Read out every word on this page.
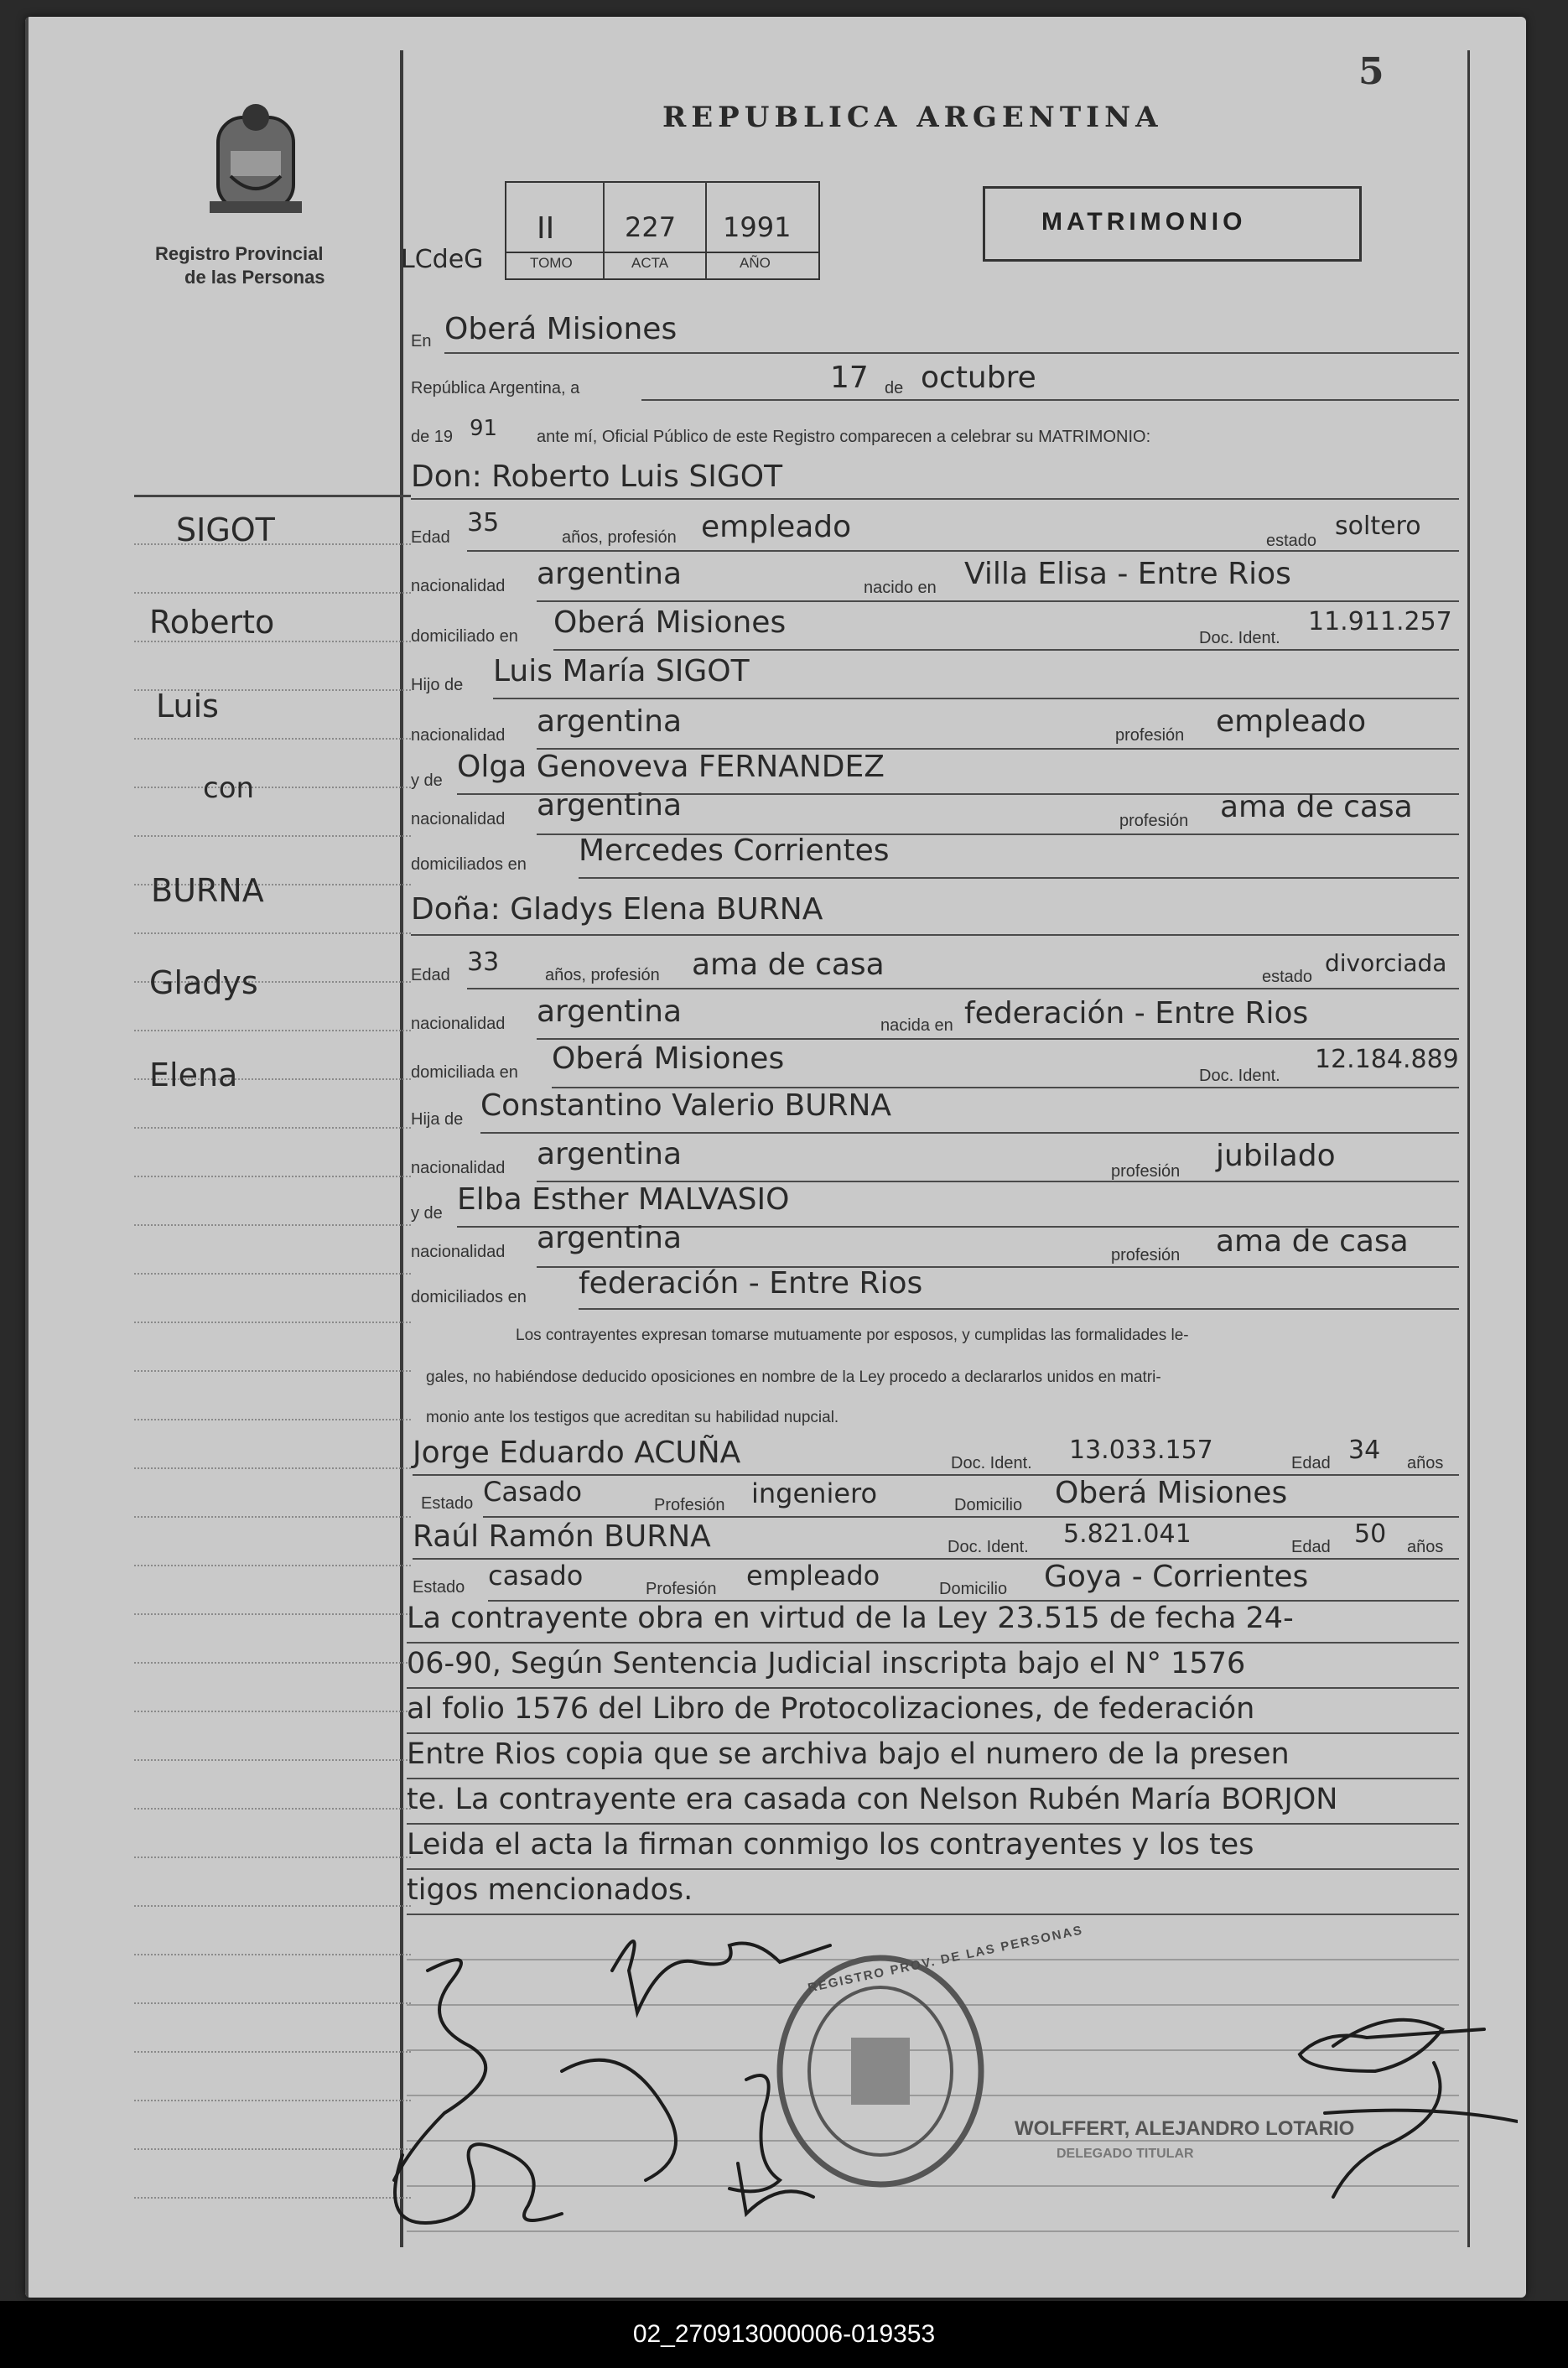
5
Registro Provincial
de las Personas
REPUBLICA ARGENTINA
LCdeG
II	227 1991
TOMO	ACTA	AÑO
MATRIMONIO
SIGOT
Roberto
Luis
con
BURNA
Gladys
Elena
En Oberá Misiones
República Argentina, a	17 de octubre
de 19 91 ante mí, Oficial Público de este Registro comparecen a celebrar su MATRIMONIO:
Don: Roberto Luis SIGOT
Edad 35	años, profesión empleado	estado soltero
nacionalidad argentina	nacido en Villa Elisa - Entre Rios
domiciliado en Oberá Misiones	Doc. Ident.
11.911.257
Hijo de Luis María SIGOT
nacionalidad argentina	profesión empleado
y de Olga Genoveva FERNANDEZ
nacionalidad argentina	profesión ama de casa
domiciliados en Mercedes Corrientes
Doña: Gladys Elena BURNA
Edad 33	años, profesión ama de casa	estado divorciada
nacionalidad argentina	nacida en federación - Entre Rios
domiciliada en Oberá Misiones	Doc. Ident.
12.184.889
Hija de Constantino Valerio BURNA
nacionalidad argentina	profesión jubilado
y de Elba Esther MALVASIO
nacionalidad argentina	profesión ama de casa
domiciliados en federación - Entre Rios
Los contrayentes expresan tomarse mutuamente por esposos, y cumplidas las formalidades le-
gales, no habiéndose deducido oposiciones en nombre de la Ley procedo a declararlos unidos en matri-
monio ante los testigos que acreditan su habilidad nupcial.
Jorge Eduardo ACUÑA	Doc. Ident. 13.033.157	Edad 34 años
Estado Casado	Profesión ingeniero	Domicilio Oberá Misiones
Raúl Ramón BURNA	Doc. Ident. 5.821.041	Edad 50 años
Estado casado	Profesión empleado	Domicilio Goya - Corrientes
La contrayente obra en virtud de la Ley 23.515 de fecha 24-
06-90, Según Sentencia Judicial inscripta bajo el N° 1576
al folio 1576 del Libro de Protocolizaciones, de federación
Entre Rios copia que se archiva bajo el numero de la presen
te. La contrayente era casada con Nelson Rubén María BORJON
Leida el acta la firman conmigo los contrayentes y los tes
tigos mencionados.
REGISTRO PROV. DE LAS PERSONAS
WOLFFERT, ALEJANDRO LOTARIO
DELEGADO TITULAR
02_270913000006-019353
